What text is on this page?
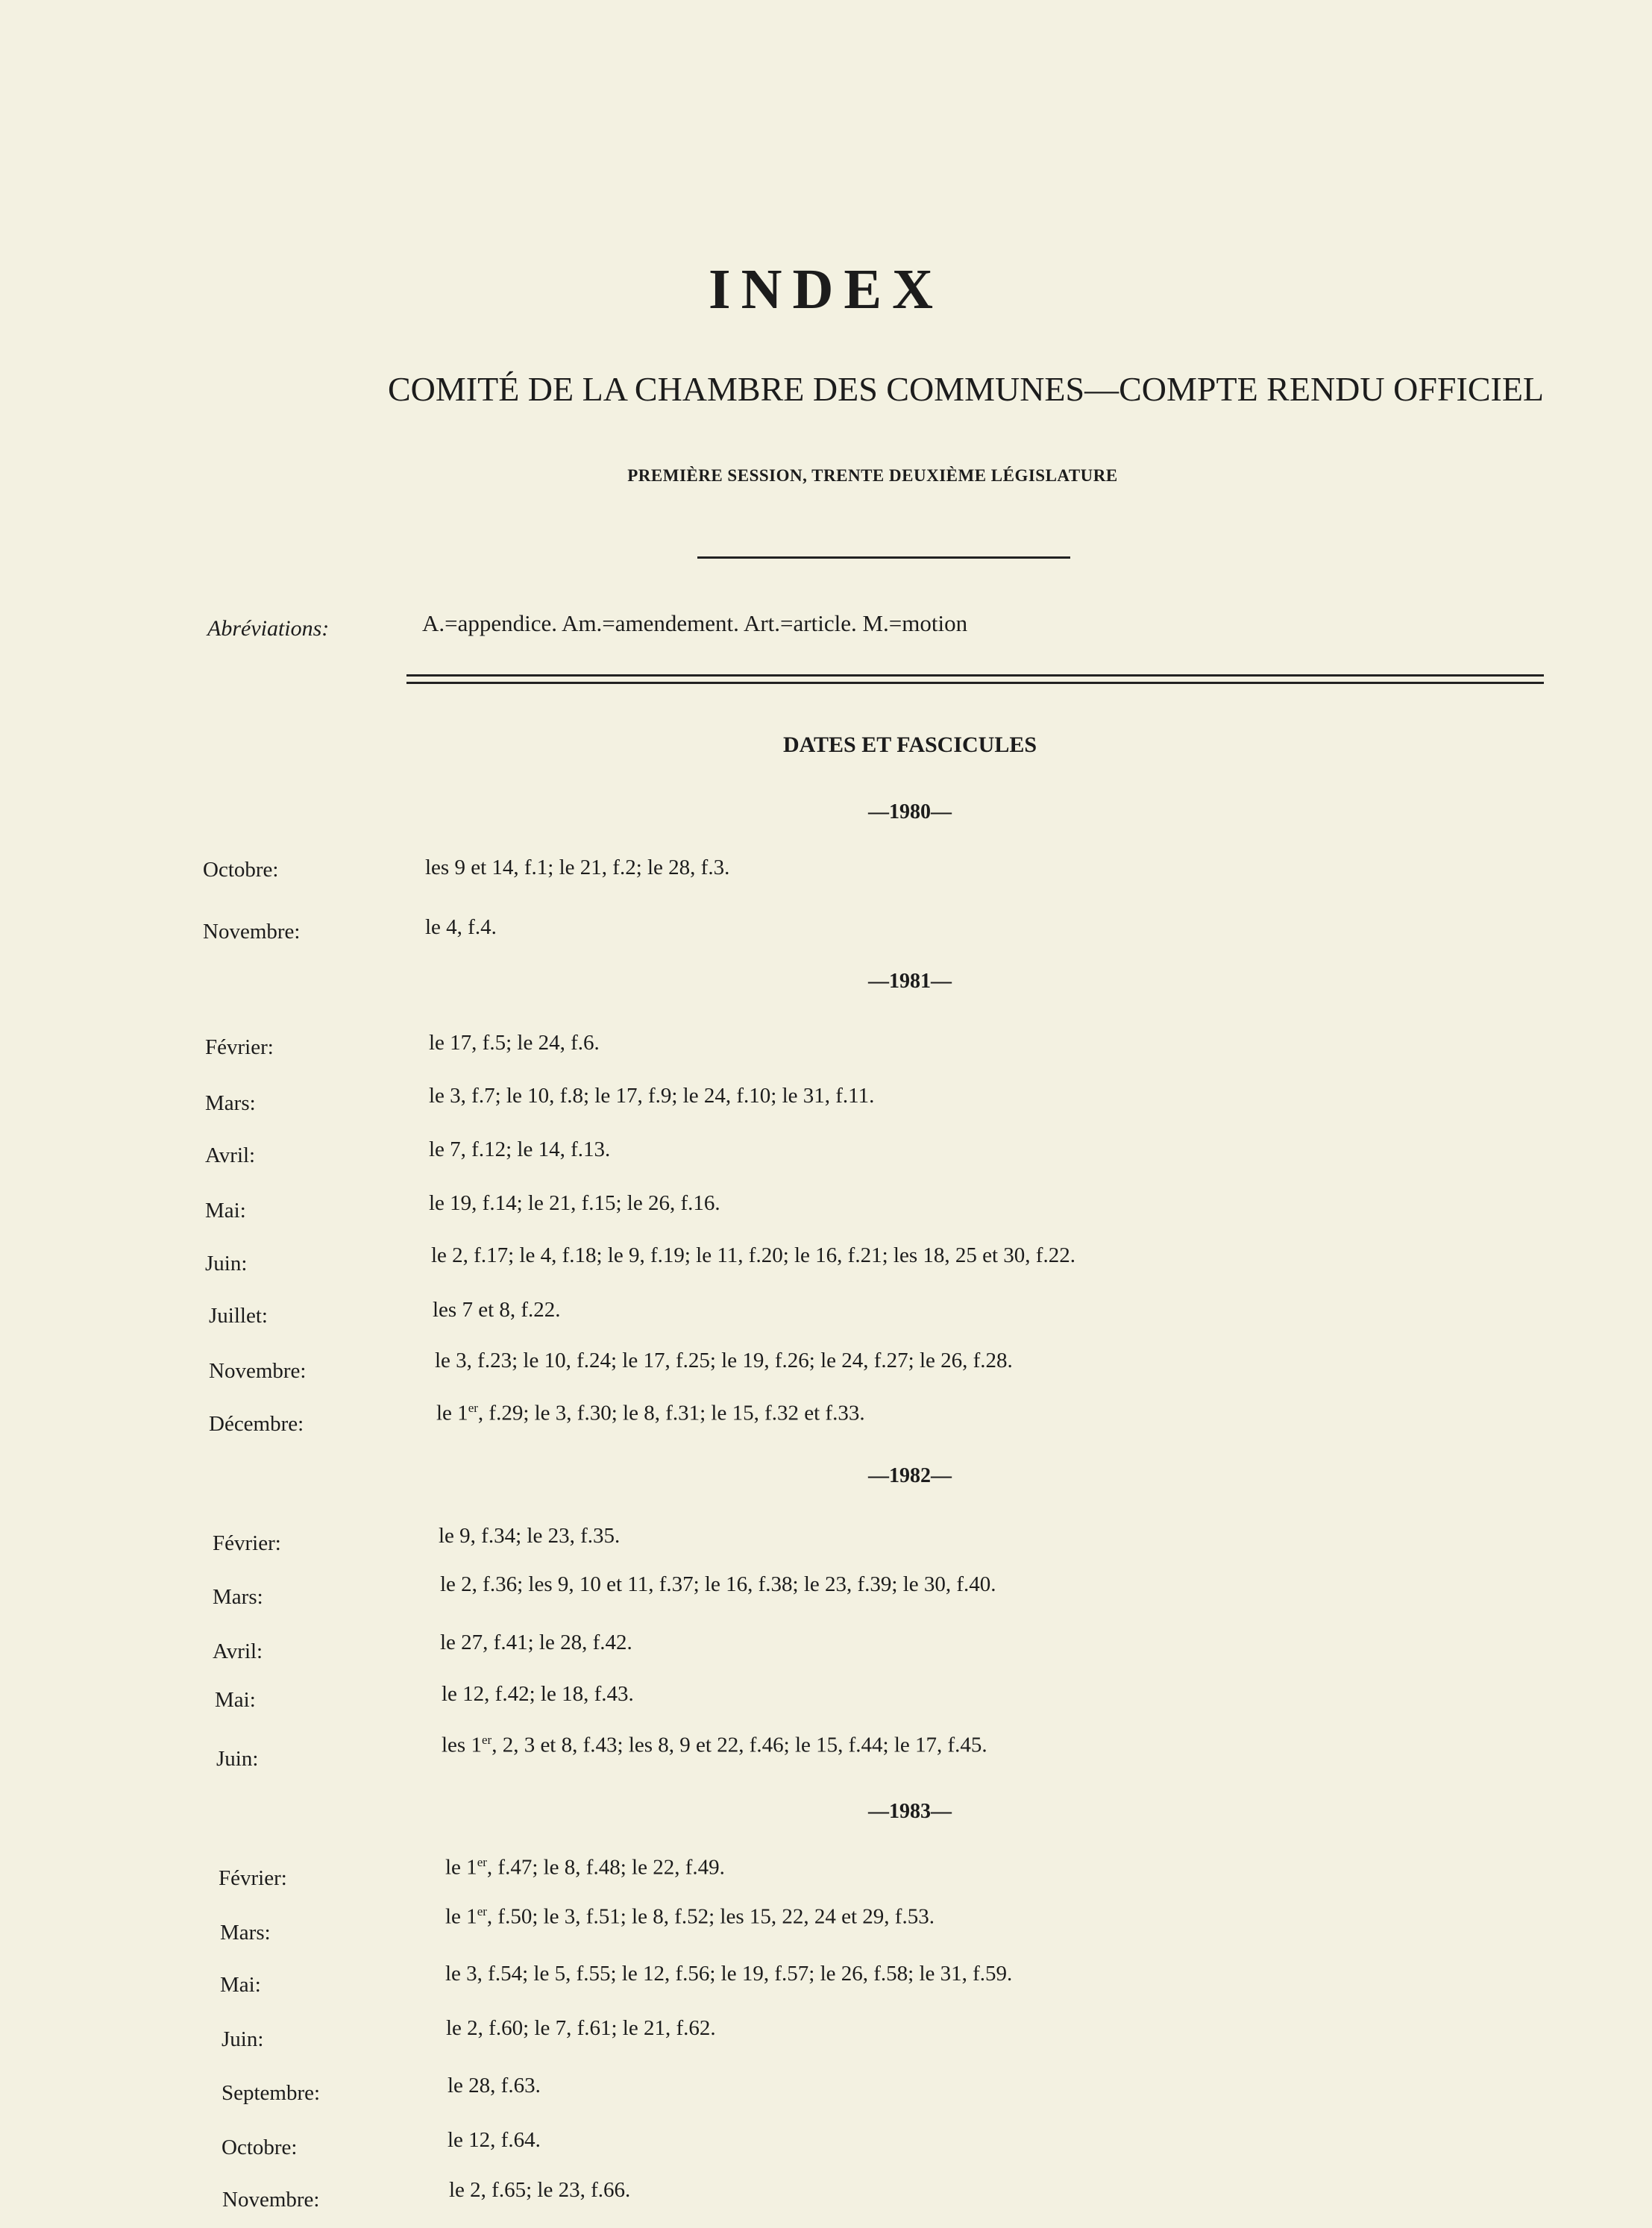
INDEX
COMITÉ DE LA CHAMBRE DES COMMUNES—COMPTE RENDU OFFICIEL
PREMIÈRE SESSION, TRENTE DEUXIÈME LÉGISLATURE
Abréviations:	A.=appendice. Am.=amendement. Art.=article. M.=motion
DATES ET FASCICULES
—1980—
Octobre:	les 9 et 14, f.1; le 21, f.2; le 28, f.3.
Novembre:	le 4, f.4.
—1981—
Février:	le 17, f.5; le 24, f.6.
Mars:	le 3, f.7; le 10, f.8; le 17, f.9; le 24, f.10; le 31, f.11.
Avril:	le 7, f.12; le 14, f.13.
Mai:	le 19, f.14; le 21, f.15; le 26, f.16.
Juin:	le 2, f.17; le 4, f.18; le 9, f.19; le 11, f.20; le 16, f.21; les 18, 25 et 30, f.22.
Juillet:	les 7 et 8, f.22.
Novembre:	le 3, f.23; le 10, f.24; le 17, f.25; le 19, f.26; le 24, f.27; le 26, f.28.
Décembre:	le 1er, f.29; le 3, f.30; le 8, f.31; le 15, f.32 et f.33.
—1982—
Février:	le 9, f.34; le 23, f.35.
Mars:
le 2, f.36; les 9, 10 et 11, f.37; le 16, f.38; le 23, f.39; le 30, f.40.
Avril:	le 27, f.41; le 28, f.42.
Mai:	le 12, f.42; le 18, f.43.
Juin:
les 1er, 2, 3 et 8, f.43; les 8, 9 et 22, f.46; le 15, f.44; le 17, f.45.
—1983—
Février:	le 1er, f.47; le 8, f.48; le 22, f.49.
Mars:
le 1er, f.50; le 3, f.51; le 8, f.52; les 15, 22, 24 et 29, f.53.
Mai:	le 3, f.54; le 5, f.55; le 12, f.56; le 19, f.57; le 26, f.58; le 31, f.59.
Juin:	le 2, f.60; le 7, f.61; le 21, f.62.
Septembre:	le 28, f.63.
Octobre:	le 12, f.64.
Novembre:	le 2, f.65; le 23, f.66.
